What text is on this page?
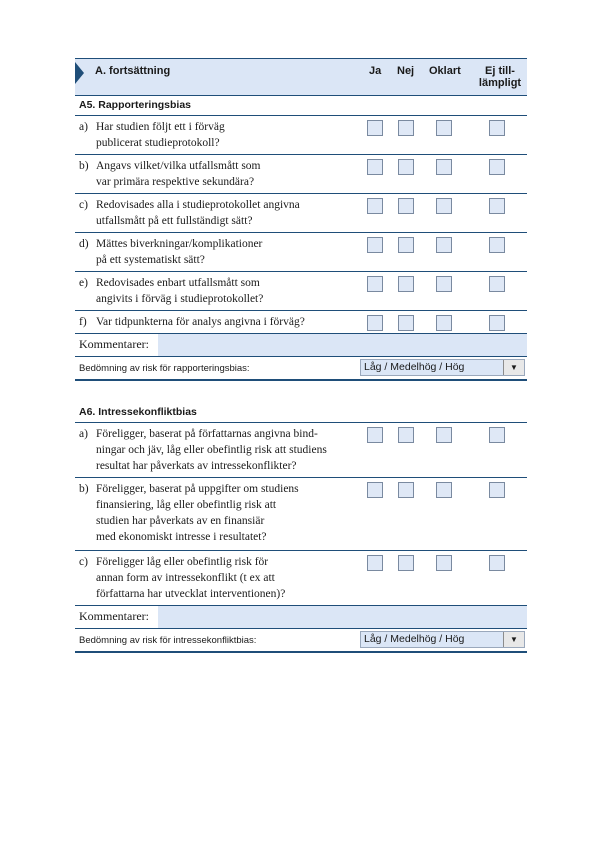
A. fortsättning	Ja Nej Oklart	Ej till-
lämpligt
A5. Rapporteringsbias
a) Har studien följt ett i förväg
publicerat studieprotokoll?
b) Angavs vilket/vilka utfallsmått som
var primära respektive sekundära?
c) Redovisades alla i studieprotokollet angivna
utfallsmått på ett fullständigt sätt?
d) Mättes biverkningar/komplikationer
på ett systematiskt sätt?
e) Redovisades enbart utfallsmått som
angivits i förväg i studieprotokollet?
f) Var tidpunkterna för analys angivna i förväg?
Kommentarer:
Bedömning av risk för rapporteringsbias:	Låg / Medelhög / Hög	▼
A6. Intressekonfliktbias
a) Föreligger, baserat på författarnas angivna bind-
ningar och jäv, låg eller obefintlig risk att studiens
resultat har påverkats av intressekonflikter?
b) Föreligger, baserat på uppgifter om studiens
finansiering, låg eller obefintlig risk att
studien har påverkats av en finansiär
med ekonomiskt intresse i resultatet?
c) Föreligger låg eller obefintlig risk för
annan form av intressekonflikt (t ex att
författarna har utvecklat interventionen)?
Kommentarer:
Bedömning av risk för intressekonfliktbias:	Låg / Medelhög / Hög	▼
